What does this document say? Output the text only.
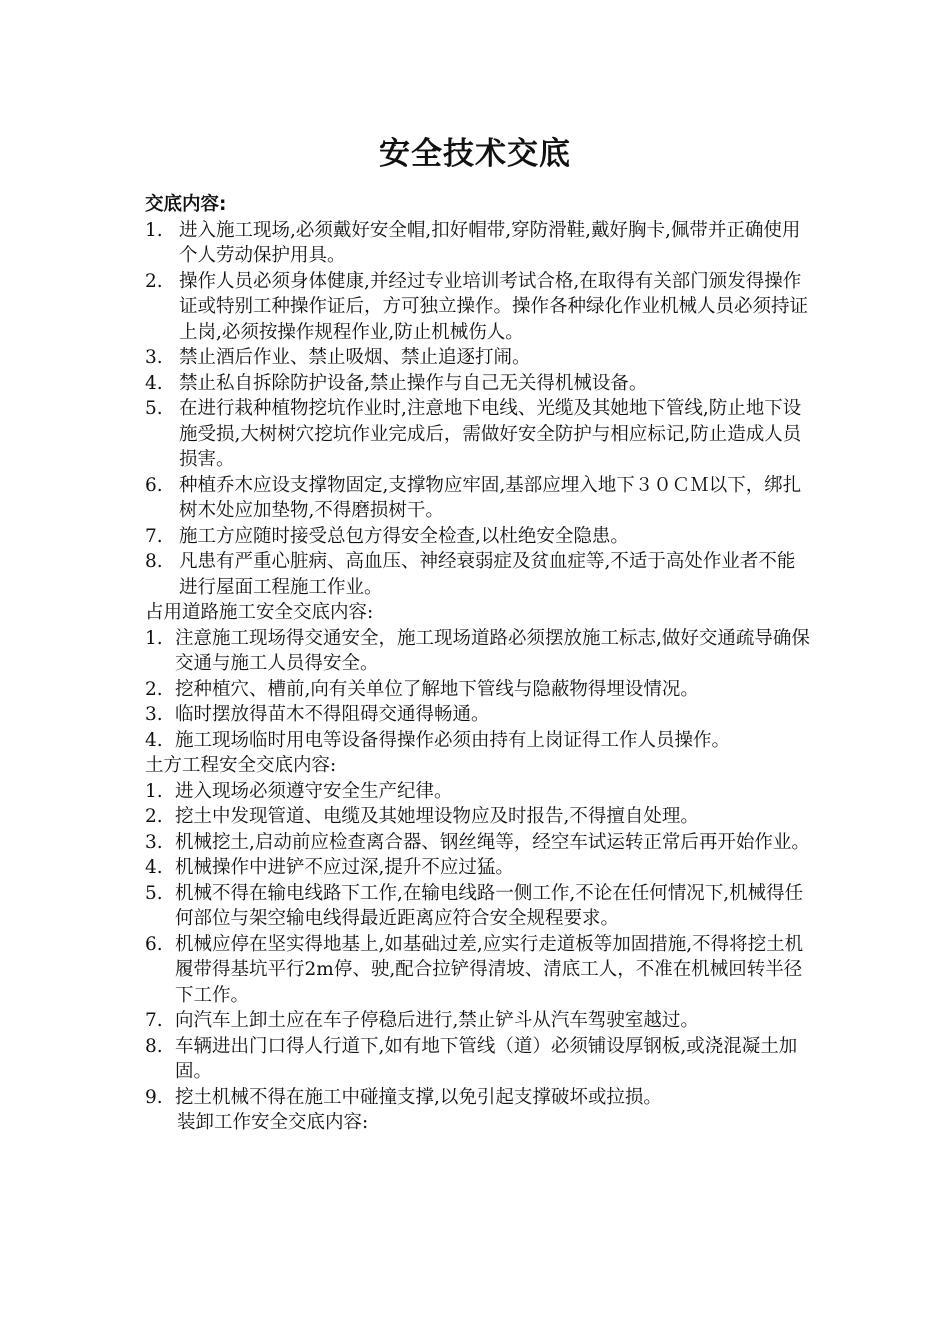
安全技术交底
交底内容:
1. 进入施工现场,必须戴好安全帽,扣好帽带,穿防滑鞋,戴好胸卡,佩带并正确使用个人劳动保护用具。
2. 操作人员必须身体健康,并经过专业培训考试合格,在取得有关部门颁发得操作证或特别工种操作证后，方可独立操作。操作各种绿化作业机械人员必须持证上岗,必须按操作规程作业,防止机械伤人。
3. 禁止酒后作业、禁止吸烟、禁止追逐打闹。
4. 禁止私自拆除防护设备,禁止操作与自己无关得机械设备。
5. 在进行栽种植物挖坑作业时,注意地下电线、光缆及其她地下管线,防止地下设施受损,大树树穴挖坑作业完成后，需做好安全防护与相应标记,防止造成人员损害。
6. 种植乔木应设支撑物固定,支撑物应牢固,基部应埋入地下３０ＣＭ以下，绑扎树木处应加垫物,不得磨损树干。
7. 施工方应随时接受总包方得安全检查,以杜绝安全隐患。
8. 凡患有严重心脏病、高血压、神经衰弱症及贫血症等,不适于高处作业者不能进行屋面工程施工作业。
占用道路施工安全交底内容:
1. 注意施工现场得交通安全，施工现场道路必须摆放施工标志,做好交通疏导确保交通与施工人员得安全。
2. 挖种植穴、槽前,向有关单位了解地下管线与隐蔽物得埋设情况。
3. 临时摆放得苗木不得阻碍交通得畅通。
4. 施工现场临时用电等设备得操作必须由持有上岗证得工作人员操作。
土方工程安全交底内容:
1. 进入现场必须遵守安全生产纪律。
2. 挖土中发现管道、电缆及其她埋设物应及时报告,不得擅自处理。
3. 机械挖土,启动前应检查离合器、钢丝绳等，经空车试运转正常后再开始作业。
4. 机械操作中进铲不应过深,提升不应过猛。
5. 机械不得在输电线路下工作,在输电线路一侧工作,不论在任何情况下,机械得任何部位与架空输电线得最近距离应符合安全规程要求。
6. 机械应停在坚实得地基上,如基础过差,应实行走道板等加固措施,不得将挖土机履带得基坑平行2m停、驶,配合拉铲得清坡、清底工人，不准在机械回转半径下工作。
7. 向汽车上卸土应在车子停稳后进行,禁止铲斗从汽车驾驶室越过。
8. 车辆进出门口得人行道下,如有地下管线（道）必须铺设厚钢板,或浇混凝土加固。
9. 挖土机械不得在施工中碰撞支撑,以免引起支撑破坏或拉损。
装卸工作安全交底内容:
